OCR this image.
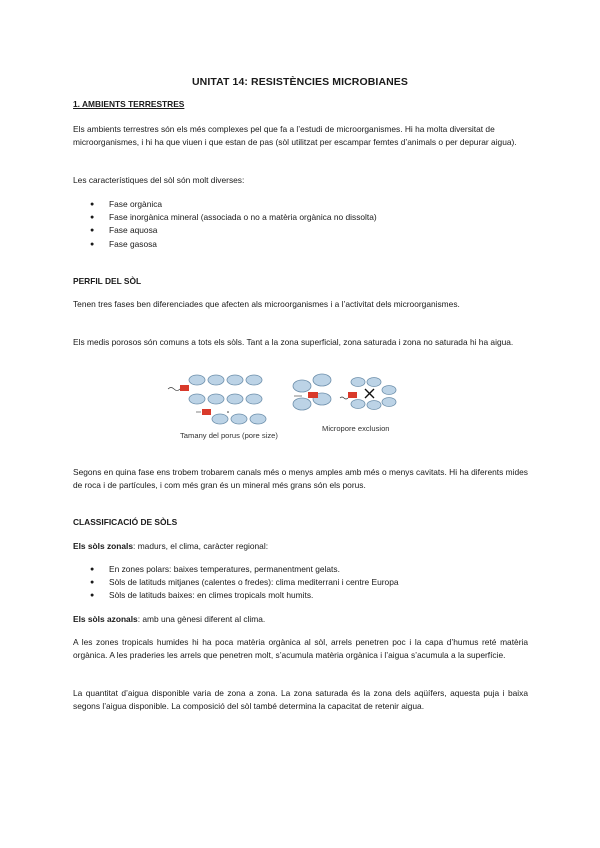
UNITAT 14: RESISTÈNCIES MICROBIANES
1. AMBIENTS TERRESTRES

Els ambients terrestres són els més complexes pel que fa a l’estudi de microorganismes. Hi ha molta diversitat de microorganismes, i hi ha que viuen i que estan de pas (sòl utilitzat per escampar femtes d’animals o per depurar aigua).

Les característiques del sòl són molt diverses:

● Fase orgànica
● Fase inorgànica mineral (associada o no a matèria orgànica no dissolta)
● Fase aquosa
● Fase gasosa
PERFIL DEL SÒL

Tenen tres fases ben diferenciades que afecten als microorganismes i a l’activitat dels microorganismes.

Els medis porosos són comuns a tots els sòls. Tant a la zona superficial, zona saturada i zona no saturada hi ha aigua.

Tamany del porus (pore size)
Micropore exclusion

Segons en quina fase ens trobem trobarem canals més o menys amples amb més o menys cavitats. Hi ha diferents mides de roca i de partícules, i com més gran és un mineral més grans són els porus.

CLASSIFICACIÓ DE SÒLS

Els sòls zonals: madurs, el clima, caràcter regional:

● En zones polars: baixes temperatures, permanentment gelats.
● Sòls de latituds mitjanes (calentes o fredes): clima mediterrani i centre Europa
● Sòls de latituds baixes: en climes tropicals molt humits.

Els sòls azonals: amb una gènesi diferent al clima.

A les zones tropicals humides hi ha poca matèria orgànica al sòl, arrels penetren poc i la capa d’humus reté matèria orgànica. A les praderies les arrels que penetren molt, s’acumula matèria orgànica i l’aigua s’acumula a la superfície.

La quantitat d’aigua disponible varia de zona a zona. La zona saturada és la zona dels aqüífers, aquesta puja i baixa segons l’aigua disponible. La composició del sòl també determina la capacitat de retenir aigua.
